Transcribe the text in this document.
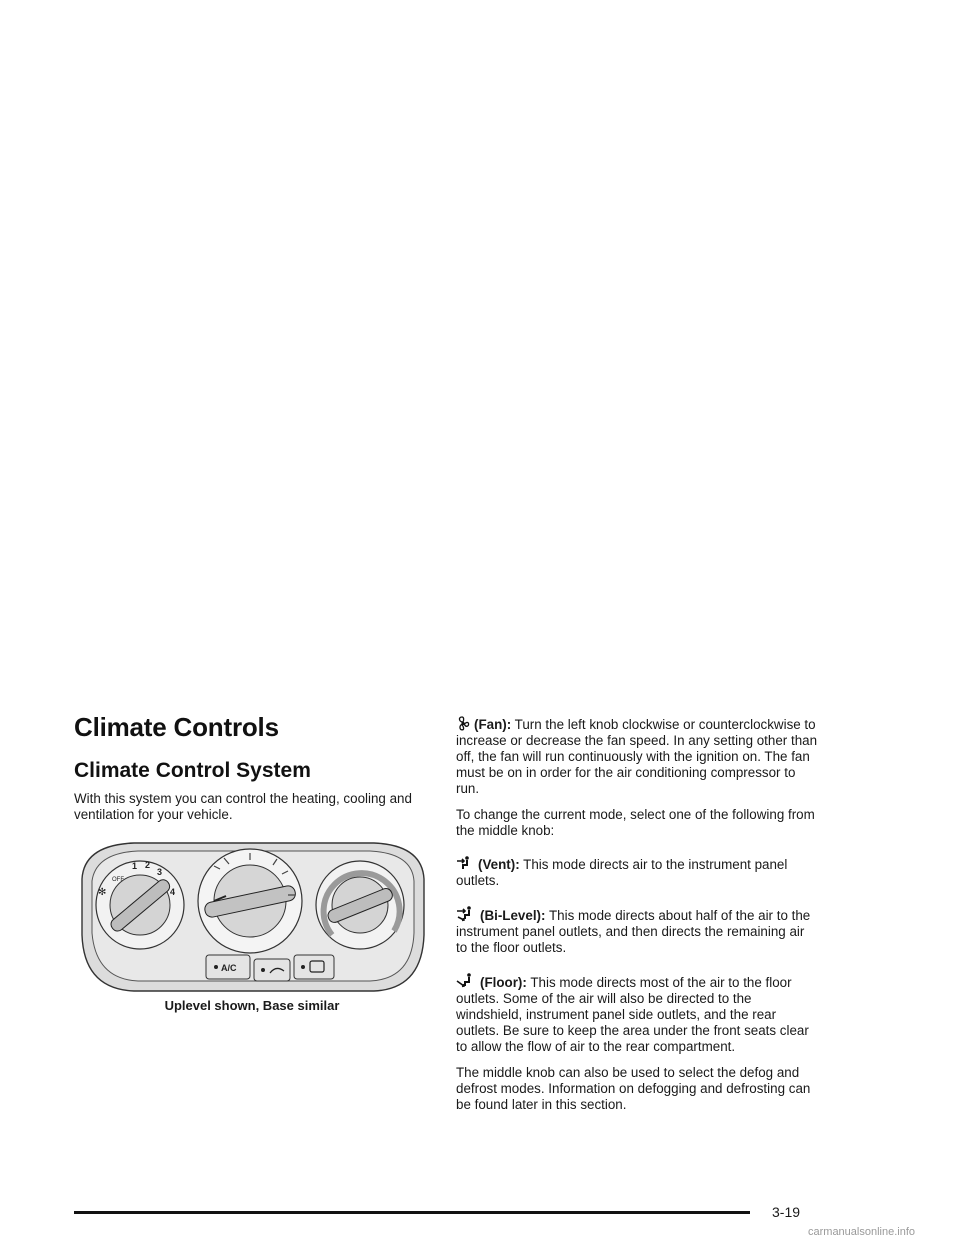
Climate Controls
Climate Control System

With this system you can control the heating, cooling and ventilation for your vehicle.

OFF
1 2
3
4
✻
A/C
Uplevel shown, Base similar

(Fan): Turn the left knob clockwise or counterclockwise to increase or decrease the fan speed. In any setting other than off, the fan will run continuously with the ignition on. The fan must be on in order for the air conditioning compressor to run.

To change the current mode, select one of the following from the middle knob:

(Vent): This mode directs air to the instrument panel outlets.

(Bi-Level): This mode directs about half of the air to the instrument panel outlets, and then directs the remaining air to the floor outlets.

(Floor): This mode directs most of the air to the floor outlets. Some of the air will also be directed to the windshield, instrument panel side outlets, and the rear outlets. Be sure to keep the area under the front seats clear to allow the flow of air to the rear compartment.

The middle knob can also be used to select the defog and defrost modes. Information on defogging and defrosting can be found later in this section.

3-19
carmanualsonline.info
